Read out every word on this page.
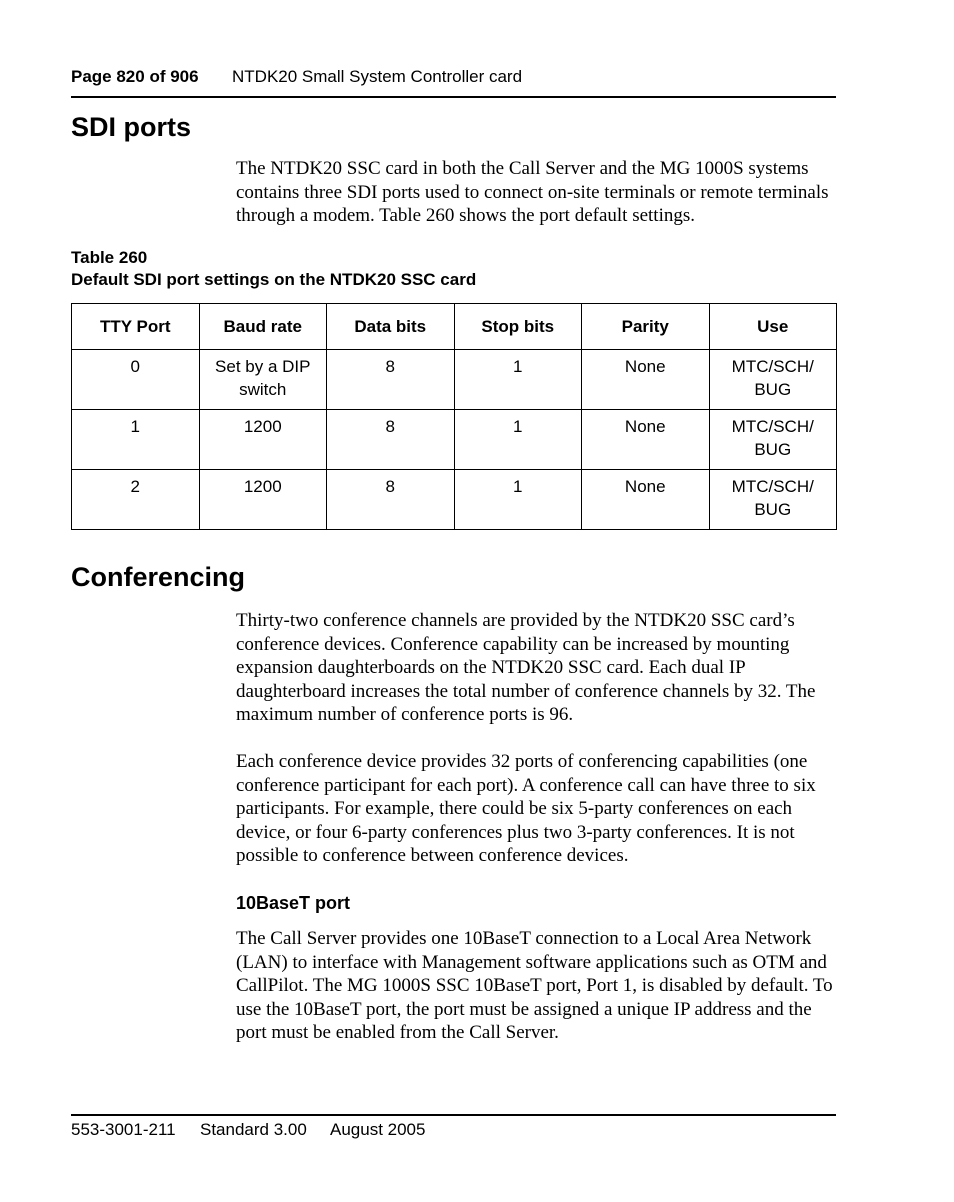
Page 820 of 906 NTDK20 Small System Controller card
SDI ports

The NTDK20 SSC card in both the Call Server and the MG 1000S systems contains three SDI ports used to connect on-site terminals or remote terminals through a modem. Table 260 shows the port default settings.

Table 260
Default SDI port settings on the NTDK20 SSC card
TTY Port	Baud rate	Data bits	Stop bits	Parity	Use
0	Set by a DIP switch	8	1	None	MTC/SCH/ BUG
1	1200	8	1	None	MTC/SCH/ BUG
2	1200	8	1	None	MTC/SCH/ BUG
Conferencing

Thirty-two conference channels are provided by the NTDK20 SSC card’s conference devices. Conference capability can be increased by mounting expansion daughterboards on the NTDK20 SSC card. Each dual IP daughterboard increases the total number of conference channels by 32. The maximum number of conference ports is 96.

Each conference device provides 32 ports of conferencing capabilities (one conference participant for each port). A conference call can have three to six participants. For example, there could be six 5-party conferences on each device, or four 6-party conferences plus two 3-party conferences. It is not possible to conference between conference devices.

10BaseT port

The Call Server provides one 10BaseT connection to a Local Area Network (LAN) to interface with Management software applications such as OTM and CallPilot. The MG 1000S SSC 10BaseT port, Port 1, is disabled by default. To use the 10BaseT port, the port must be assigned a unique IP address and the port must be enabled from the Call Server.

553-3001-211 Standard 3.00 August 2005
